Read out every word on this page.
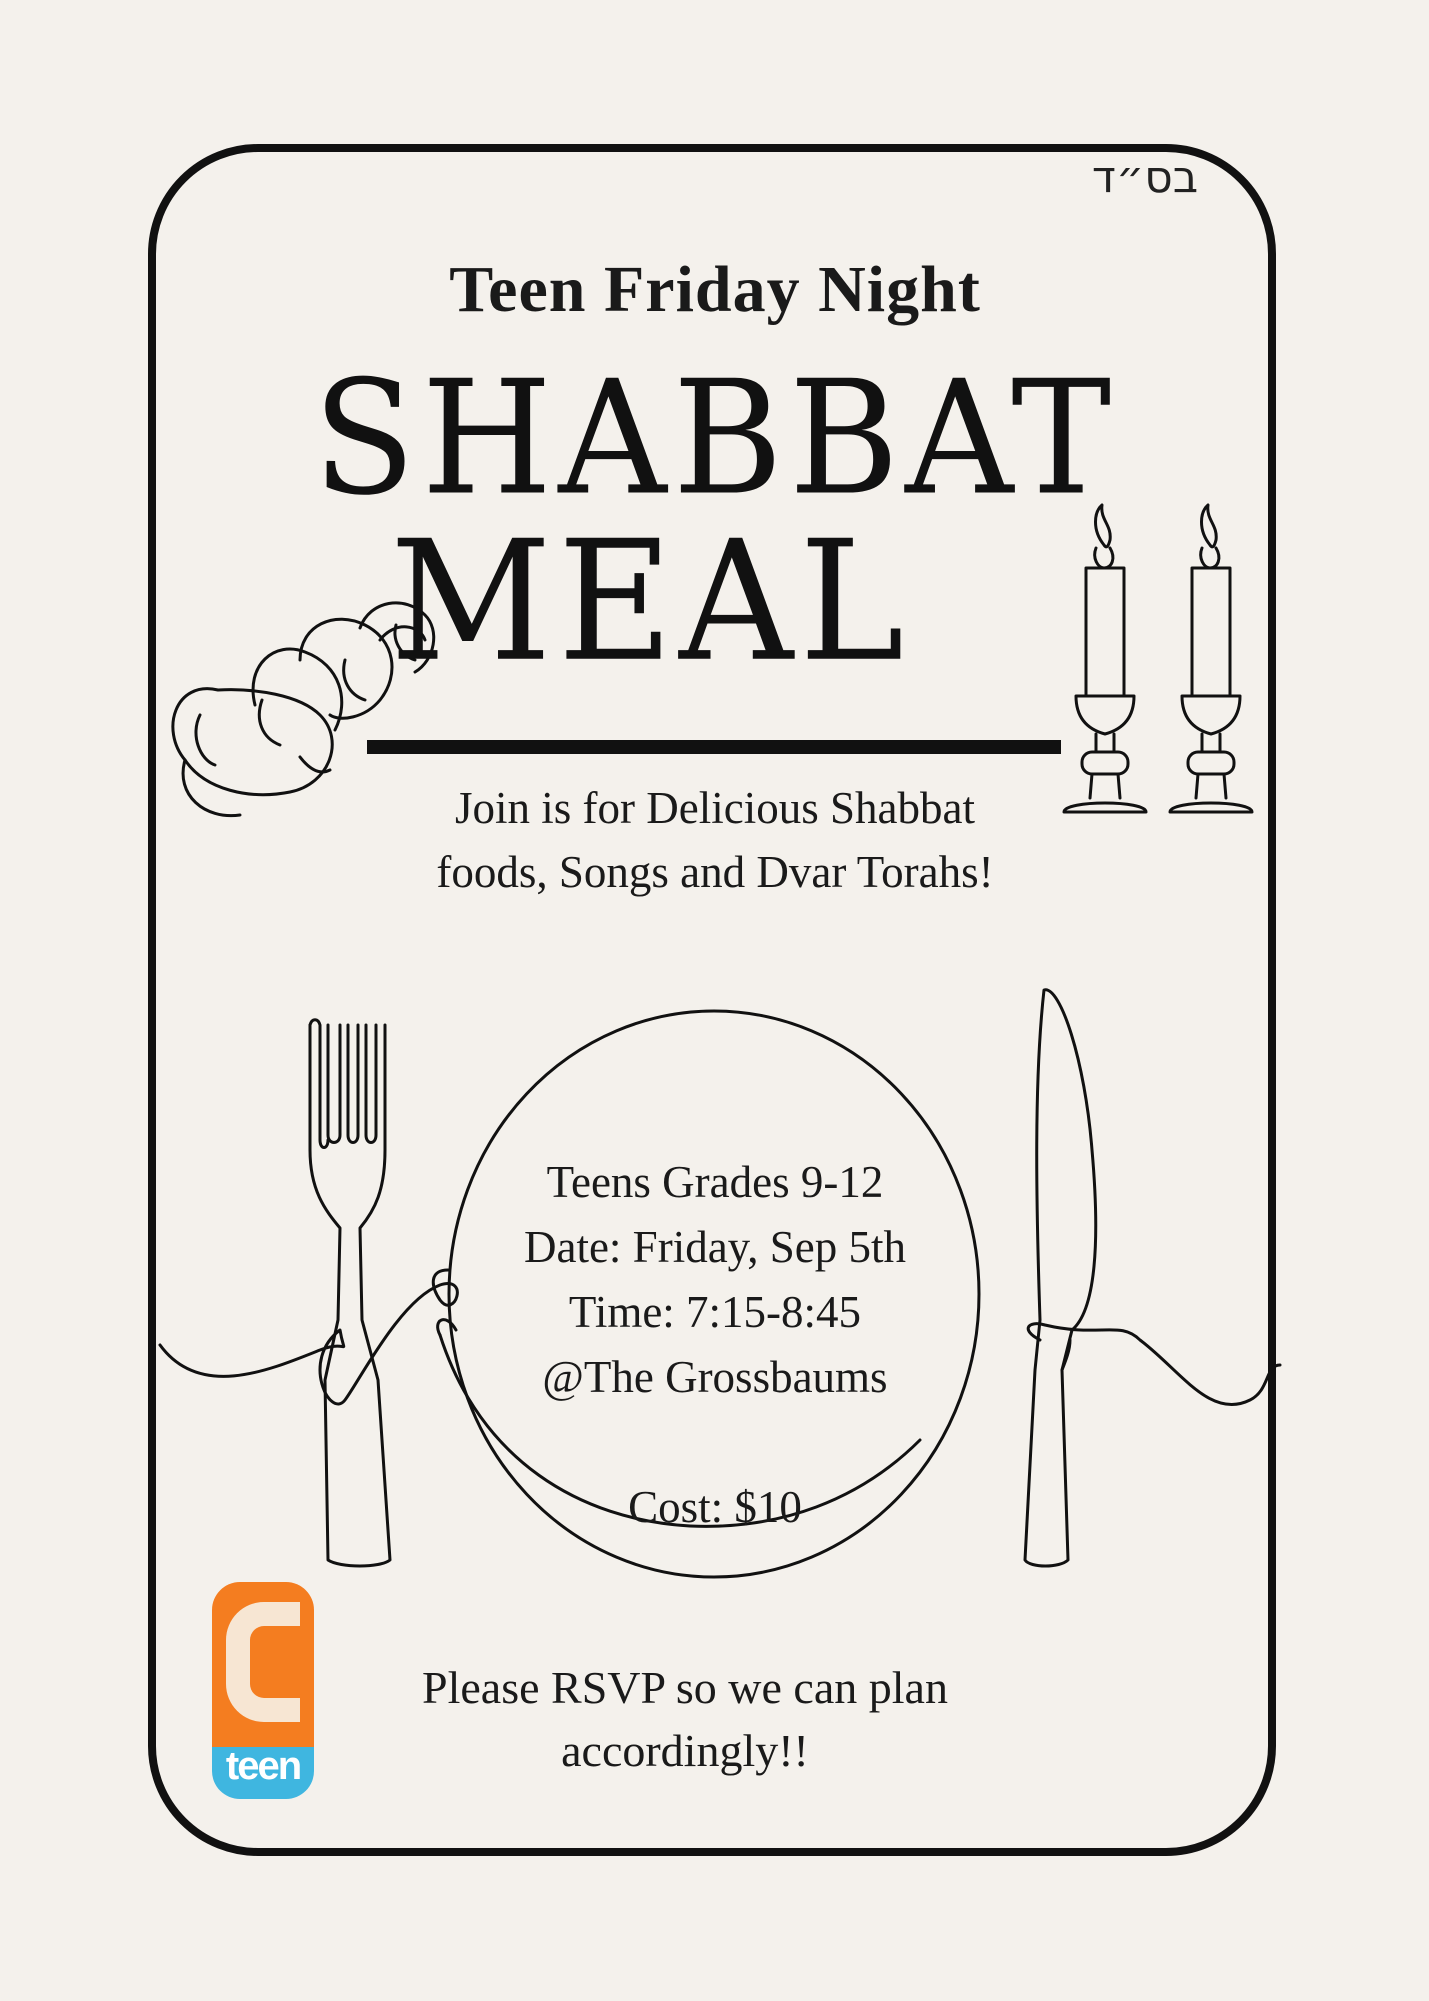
בס״ד
Teen Friday Night
SHABBAT
MEAL
Join is for Delicious Shabbat
foods, Songs and Dvar Torahs!
Teens Grades 9-12
Date: Friday, Sep 5th
Time: 7:15-8:45
@The Grossbaums
Cost: $10
teen
Please RSVP so we can plan
accordingly!!
